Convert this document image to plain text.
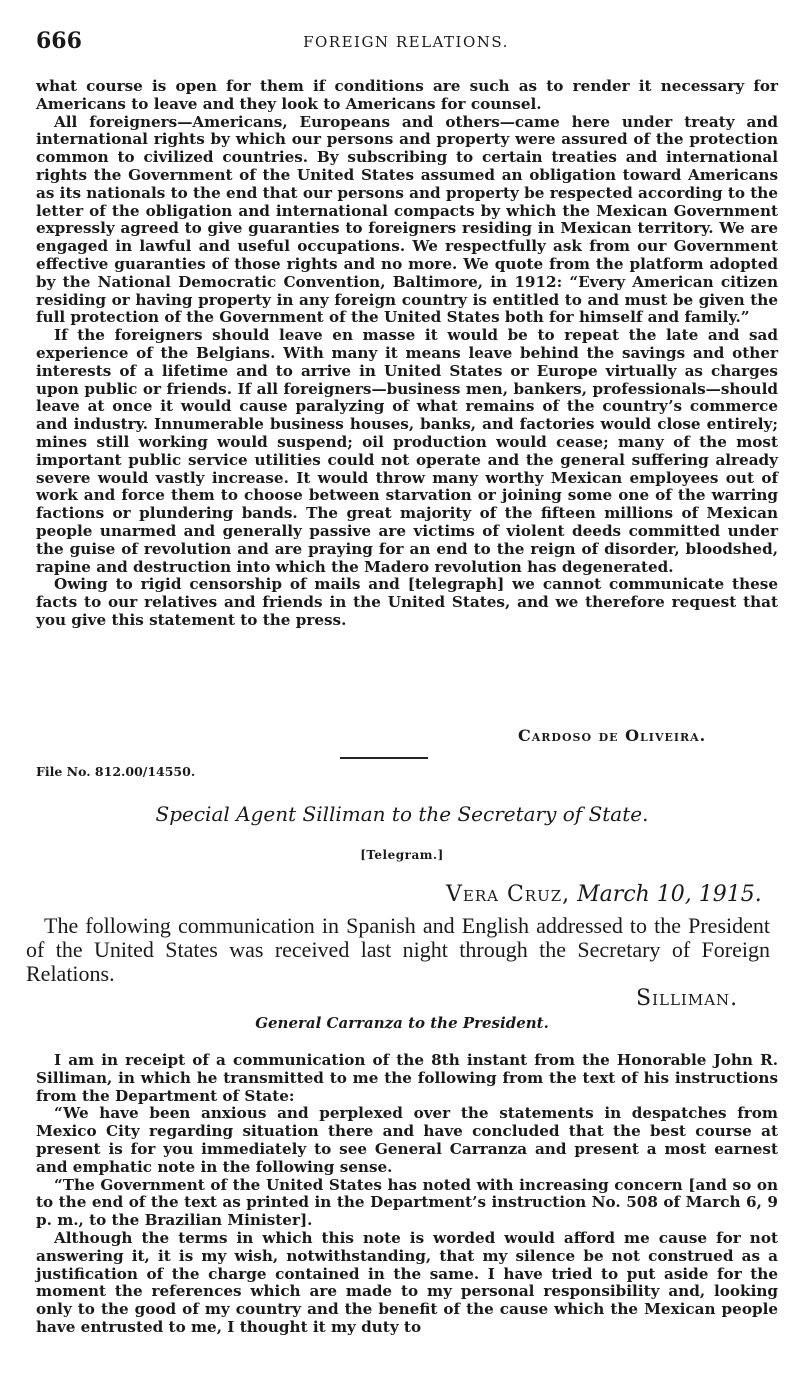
666	FOREIGN RELATIONS.

what course is open for them if conditions are such as to render it necessary for Americans to leave and they look to Americans for counsel.

All foreigners—Americans, Europeans and others—came here under treaty and international rights by which our persons and property were assured of the protection common to civilized countries. By subscribing to certain treaties and international rights the Government of the United States assumed an obligation toward Americans as its nationals to the end that our persons and property be respected according to the letter of the obligation and international compacts by which the Mexican Government expressly agreed to give guaranties to foreigners residing in Mexican territory. We are engaged in lawful and useful occupations. We respectfully ask from our Government effective guaranties of those rights and no more. We quote from the platform adopted by the National Democratic Convention, Baltimore, in 1912: “Every American citizen residing or having property in any foreign country is entitled to and must be given the full protection of the Government of the United States both for himself and family.”

If the foreigners should leave en masse it would be to repeat the late and sad experience of the Belgians. With many it means leave behind the savings and other interests of a lifetime and to arrive in United States or Europe virtually as charges upon public or friends. If all foreigners—business men, bankers, professionals—should leave at once it would cause paralyzing of what remains of the country’s commerce and industry. Innumerable business houses, banks, and factories would close entirely; mines still working would suspend; oil production would cease; many of the most important public service utilities could not operate and the general suffering already severe would vastly increase. It would throw many worthy Mexican employees out of work and force them to choose between starvation or joining some one of the warring factions or plundering bands. The great majority of the fifteen millions of Mexican people unarmed and generally passive are victims of violent deeds committed under the guise of revolution and are praying for an end to the reign of disorder, bloodshed, rapine and destruction into which the Madero revolution has degenerated.

Owing to rigid censorship of mails and [telegraph] we cannot communicate these facts to our relatives and friends in the United States, and we therefore request that you give this statement to the press.

Cardoso de Oliveira.
File No. 812.00/14550.
Special Agent Silliman to the Secretary of State.
[Telegram.]
Vera Cruz, March 10, 1915.

The following communication in Spanish and English addressed to the President of the United States was received last night through the Secretary of Foreign Relations.

Silliman.
General Carranza to the President.

I am in receipt of a communication of the 8th instant from the Honorable John R. Silliman, in which he transmitted to me the following from the text of his instructions from the Department of State:

“We have been anxious and perplexed over the statements in despatches from Mexico City regarding situation there and have concluded that the best course at present is for you immediately to see General Carranza and present a most earnest and emphatic note in the following sense.

“The Government of the United States has noted with increasing concern [and so on to the end of the text as printed in the Department’s instruction No. 508 of March 6, 9 p. m., to the Brazilian Minister].

Although the terms in which this note is worded would afford me cause for not answering it, it is my wish, notwithstanding, that my silence be not construed as a justification of the charge contained in the same. I have tried to put aside for the moment the references which are made to my personal responsibility and, looking only to the good of my country and the benefit of the cause which the Mexican people have entrusted to me, I thought it my duty to
